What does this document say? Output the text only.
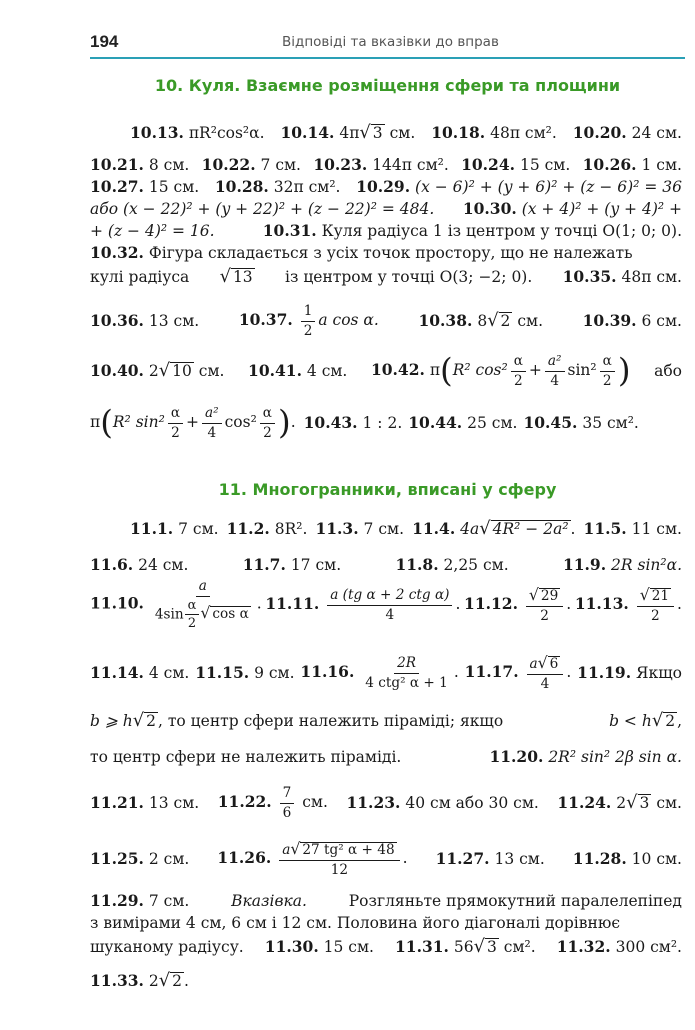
194	Відповіді та вказівки до вправ
10. Куля. Взаємне розміщення сфери та площини
10.13. πR²cos²α. 10.14. 4π√ 3 см. 10.18. 48π см². 10.20. 24 см.
10.21. 8 см. 10.22. 7 см. 10.23. 144π см². 10.24. 15 см. 10.26. 1 см.
10.27. 15 см. 10.28. 32π см². 10.29. (x − 6)² + (y + 6)² + (z − 6)² = 36
або (x − 22)² + (y + 22)² + (z − 22)² = 484. 10.30. (x + 4)² + (y + 4)² +
+ (z − 4)² = 16.	10.31. Куля радіуса 1 із центром у точці O(1; 0; 0).
10.32. Фігура складається з усіх точок простору, що не належать
кулі радіуса √ 13 із центром у точці O(3; −2; 0). 10.35. 48π см.
10.36. 13 см.	10.37. $\frac{1}{2}$ a cos α.	10.38. 8√ 2 см.	10.39. 6 см.
10.40. 2√ 10 см. 10.41. 4 см. 10.42. π(R² $\cos^2 \frac{\alpha}{2} + \frac{\text{a²}}{4} \sin^2 \frac{\alpha}{2}$ ) або
π(R² $\sin^2 \frac{\alpha}{2} + \frac{\text{a²}}{4} \cos^2 \frac{\alpha}{2}$ ). 10.43. 1 : 2. 10.44. 25 см. 10.45. 35 см².
11. Многогранники, вписані у сферу
11.1. 7 см. 11.2. 8R². 11.3. 7 см. 11.4. 4a√ 4R² − 2a² . 11.5. 11 см.
11.6. 24 см.	11.7. 17 см.	11.8. 2,25 см.	11.9. 2R sin²α.
11.10. $\frac{a}{4\sin \frac{\alpha}{2} √ \cos \alpha}$ . 11.11. $\frac{\text{a (tg α + 2 ctg α)}}{4}$ . 11.12. $\frac{√ 29}{2}$ . 11.13. $\frac{√ 21}{2}$ .
11.14. 4 см. 11.15. 9 см. 11.16. $\frac{2R}{\text{4 ctg² α + 1}}$ . 11.17. $\frac{a√ 6}{4}$ . 11.19. Якщо
b ⩾ h√ 2 , то центр сфери належить піраміді; якщо	b < h√ 2 ,
то центр сфери не належить піраміді.	11.20. 2R² sin² 2β sin α.
11.21. 13 см. 11.22. $\frac{7}{6}$ см. 11.23. 40 см або 30 см. 11.24. 2√ 3 см.
11.25. 2 см. 11.26. $\frac{\text{a√ 27 tg² α + 48}}{12}$ . 11.27. 13 см. 11.28. 10 см.
11.29. 7 см.	Вказівка.	Розгляньте прямокутний паралелепіпед
з вимірами 4 см, 6 см і 12 см. Половина його діагоналі дорівнює
шуканому радіусу. 11.30. 15 см. 11.31. 56√ 3 см². 11.32. 300 см².
11.33. 2√ 2 .
